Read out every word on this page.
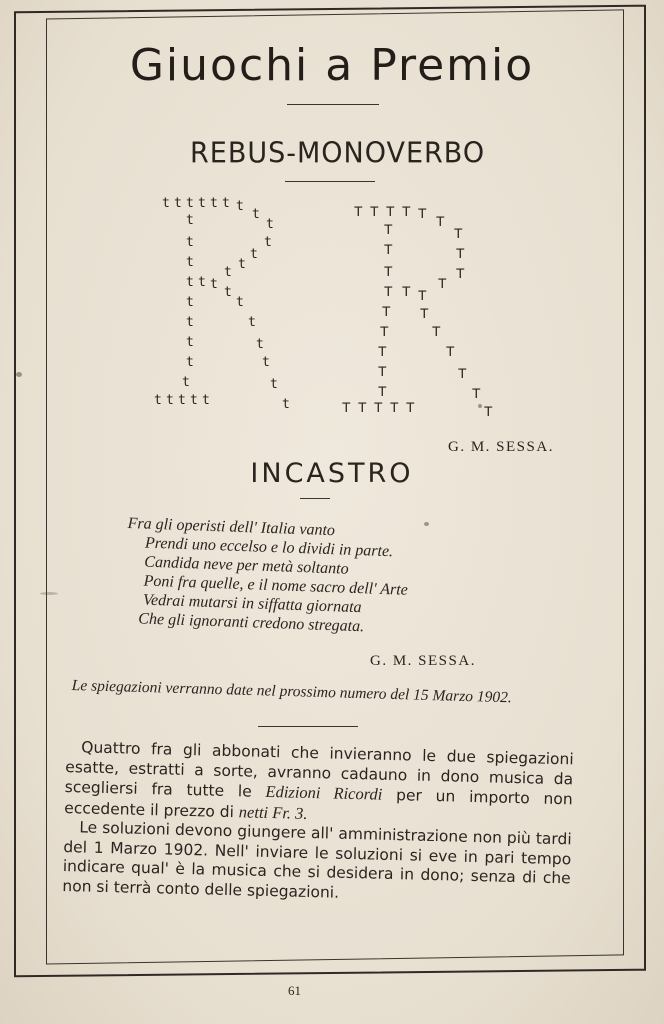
Giuochi a Premio
REBUS-MONOVERBO
t t t t t t t
t
t
t
t
t
t
t
t
t
t
t
t
t
t
t
t t
t
t
t
t
t
t
t
t t t t t
T T T T T T
T
T
T
T
T
T
T
T
T
T
T
T
T
T T
T
T
T
T
T
T
T T T T T
G. M. SESSA.
INCASTRO
Fra gli operisti dell' Italia vanto
Prendi uno eccelso e lo dividi in parte.
Candida neve per metà soltanto
Poni fra quelle, e il nome sacro dell' Arte
Vedrai mutarsi in siffatta giornata
Che gli ignoranti credono stregata.
G. M. SESSA.
Le spiegazioni verranno date nel prossimo numero del 15 Marzo 1902.

 Quattro fra gli abbonati che invieranno le due spiegazioni esatte, estratti a sorte, avranno cadauno in dono musica da scegliersi fra tutte le Edizioni Ricordi per un importo non eccedente il prezzo di netti Fr. 3.

 Le soluzioni devono giungere all' amministrazione non più tardi del 1 Marzo 1902. Nell' inviare le soluzioni si eve in pari tempo indicare qual' è la musica che si desidera in dono; senza di che non si terrà conto delle spiegazioni.

61
